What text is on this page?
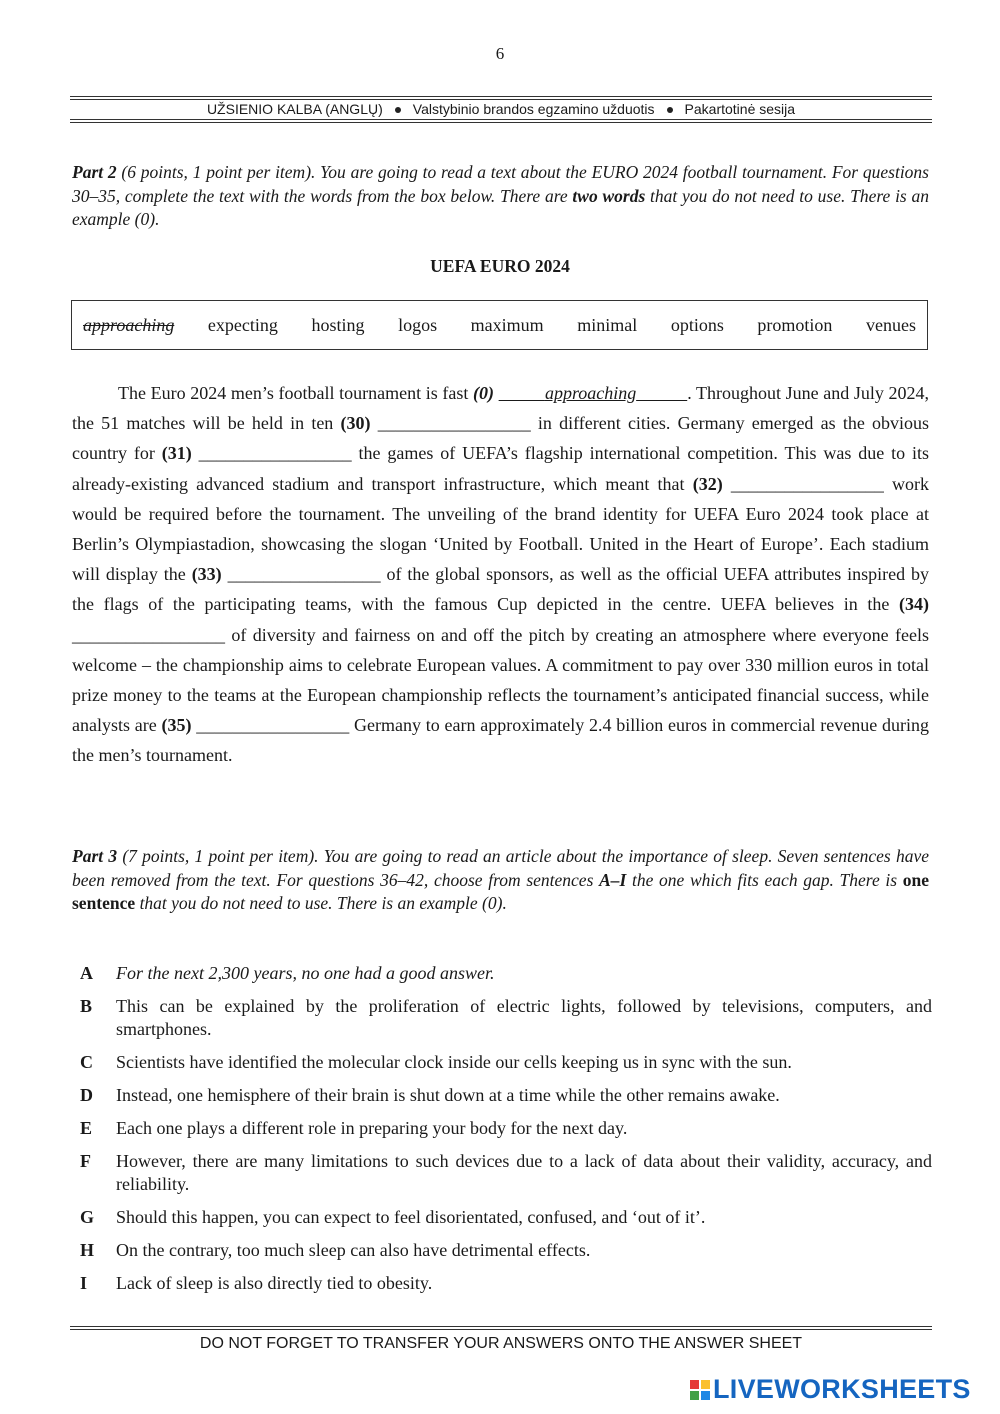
6
UŽSIENIO KALBA (ANGLŲ) Valstybinio brandos egzamino užduotis Pakartotinė sesija
Part 2 (6 points, 1 point per item). You are going to read a text about the EURO 2024 football tournament. For questions 30–35, complete the text with the words from the box below. There are two words that you do not need to use. There is an example (0).
UEFA EURO 2024
approaching expecting hosting logos maximum minimal options promotion venues

The Euro 2024 men’s football tournament is fast (0)	approaching	. Throughout June and July 2024, the 51 matches will be held in ten (30) _________________ in different cities. Germany emerged as the obvious country for (31) _________________ the games of UEFA’s flagship international competition. This was due to its already-existing advanced stadium and transport infrastructure, which meant that (32) _________________ work would be required before the tournament. The unveiling of the brand identity for UEFA Euro 2024 took place at Berlin’s Olympiastadion, showcasing the slogan ‘United by Football. United in the Heart of Europe’. Each stadium will display the (33) _________________ of the global sponsors, as well as the official UEFA attributes inspired by the flags of the participating teams, with the famous Cup depicted in the centre. UEFA believes in the (34) _________________ of diversity and fairness on and off the pitch by creating an atmosphere where everyone feels welcome – the championship aims to celebrate European values. A commitment to pay over 330 million euros in total prize money to the teams at the European championship reflects the tournament’s anticipated financial success, while analysts are (35) _________________ Germany to earn approximately 2.4 billion euros in commercial revenue during the men’s tournament.

Part 3 (7 points, 1 point per item). You are going to read an article about the importance of sleep. Seven sentences have been removed from the text. For questions 36–42, choose from sentences A–I the one which fits each gap. There is one sentence that you do not need to use. There is an example (0).
A	For the next 2,300 years, no one had a good answer.
B	This can be explained by the proliferation of electric lights, followed by televisions, computers, and smartphones.
C	Scientists have identified the molecular clock inside our cells keeping us in sync with the sun.
D	Instead, one hemisphere of their brain is shut down at a time while the other remains awake.
E	Each one plays a different role in preparing your body for the next day.
F	However, there are many limitations to such devices due to a lack of data about their validity, accuracy, and reliability.
G	Should this happen, you can expect to feel disorientated, confused, and ‘out of it’.
H	On the contrary, too much sleep can also have detrimental effects.
I	Lack of sleep is also directly tied to obesity.
DO NOT FORGET TO TRANSFER YOUR ANSWERS ONTO THE ANSWER SHEET
LIVEWORKSHEETS
